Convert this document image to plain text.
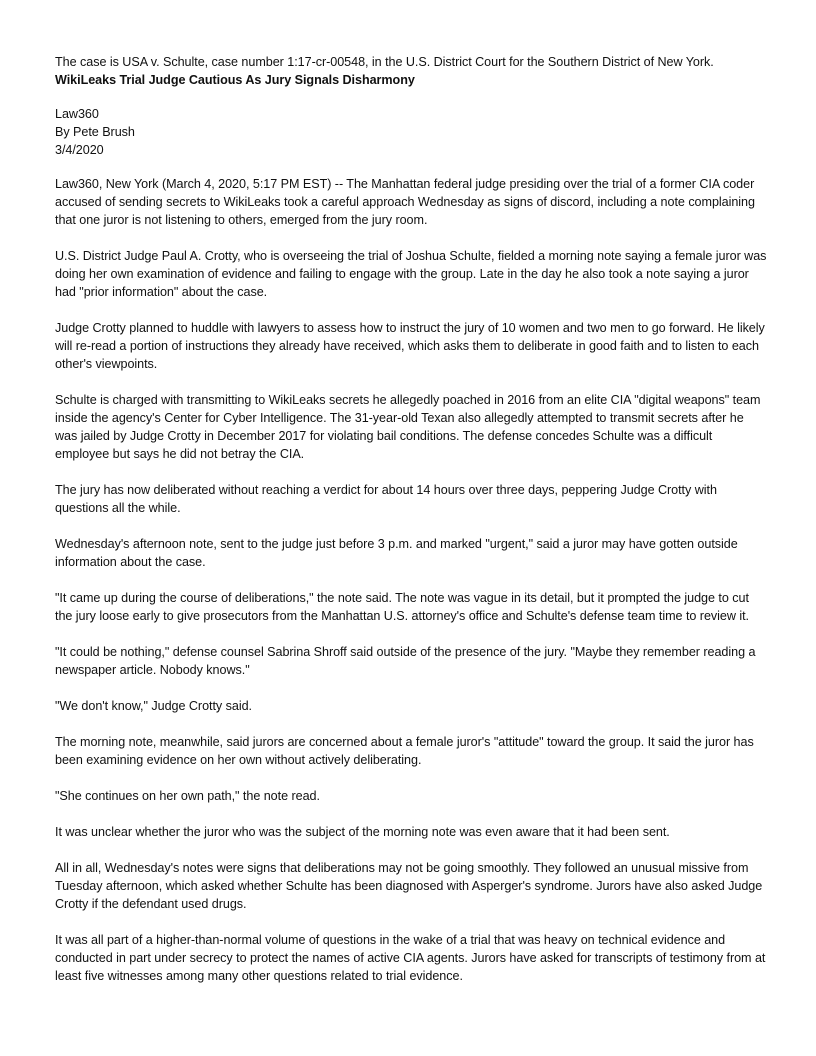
The case is USA v. Schulte, case number 1:17-cr-00548, in the U.S. District Court for the Southern District of New York.

WikiLeaks Trial Judge Cautious As Jury Signals Disharmony

Law360

By Pete Brush

3/4/2020

Law360, New York (March 4, 2020, 5:17 PM EST) -- The Manhattan federal judge presiding over the trial of a former CIA coder accused of sending secrets to WikiLeaks took a careful approach Wednesday as signs of discord, including a note complaining that one juror is not listening to others, emerged from the jury room.

U.S. District Judge Paul A. Crotty, who is overseeing the trial of Joshua Schulte, fielded a morning note saying a female juror was doing her own examination of evidence and failing to engage with the group. Late in the day he also took a note saying a juror had "prior information" about the case.

Judge Crotty planned to huddle with lawyers to assess how to instruct the jury of 10 women and two men to go forward. He likely will re-read a portion of instructions they already have received, which asks them to deliberate in good faith and to listen to each other's viewpoints.

Schulte is charged with transmitting to WikiLeaks secrets he allegedly poached in 2016 from an elite CIA "digital weapons" team inside the agency's Center for Cyber Intelligence. The 31-year-old Texan also allegedly attempted to transmit secrets after he was jailed by Judge Crotty in December 2017 for violating bail conditions. The defense concedes Schulte was a difficult employee but says he did not betray the CIA.

The jury has now deliberated without reaching a verdict for about 14 hours over three days, peppering Judge Crotty with questions all the while.

Wednesday's afternoon note, sent to the judge just before 3 p.m. and marked "urgent," said a juror may have gotten outside information about the case.

"It came up during the course of deliberations," the note said. The note was vague in its detail, but it prompted the judge to cut the jury loose early to give prosecutors from the Manhattan U.S. attorney's office and Schulte's defense team time to review it.

"It could be nothing," defense counsel Sabrina Shroff said outside of the presence of the jury. "Maybe they remember reading a newspaper article. Nobody knows."

"We don't know," Judge Crotty said.

The morning note, meanwhile, said jurors are concerned about a female juror's "attitude" toward the group. It said the juror has been examining evidence on her own without actively deliberating.

"She continues on her own path," the note read.

It was unclear whether the juror who was the subject of the morning note was even aware that it had been sent.

All in all, Wednesday's notes were signs that deliberations may not be going smoothly. They followed an unusual missive from Tuesday afternoon, which asked whether Schulte has been diagnosed with Asperger's syndrome. Jurors have also asked Judge Crotty if the defendant used drugs.

It was all part of a higher-than-normal volume of questions in the wake of a trial that was heavy on technical evidence and conducted in part under secrecy to protect the names of active CIA agents. Jurors have asked for transcripts of testimony from at least five witnesses among many other questions related to trial evidence.
